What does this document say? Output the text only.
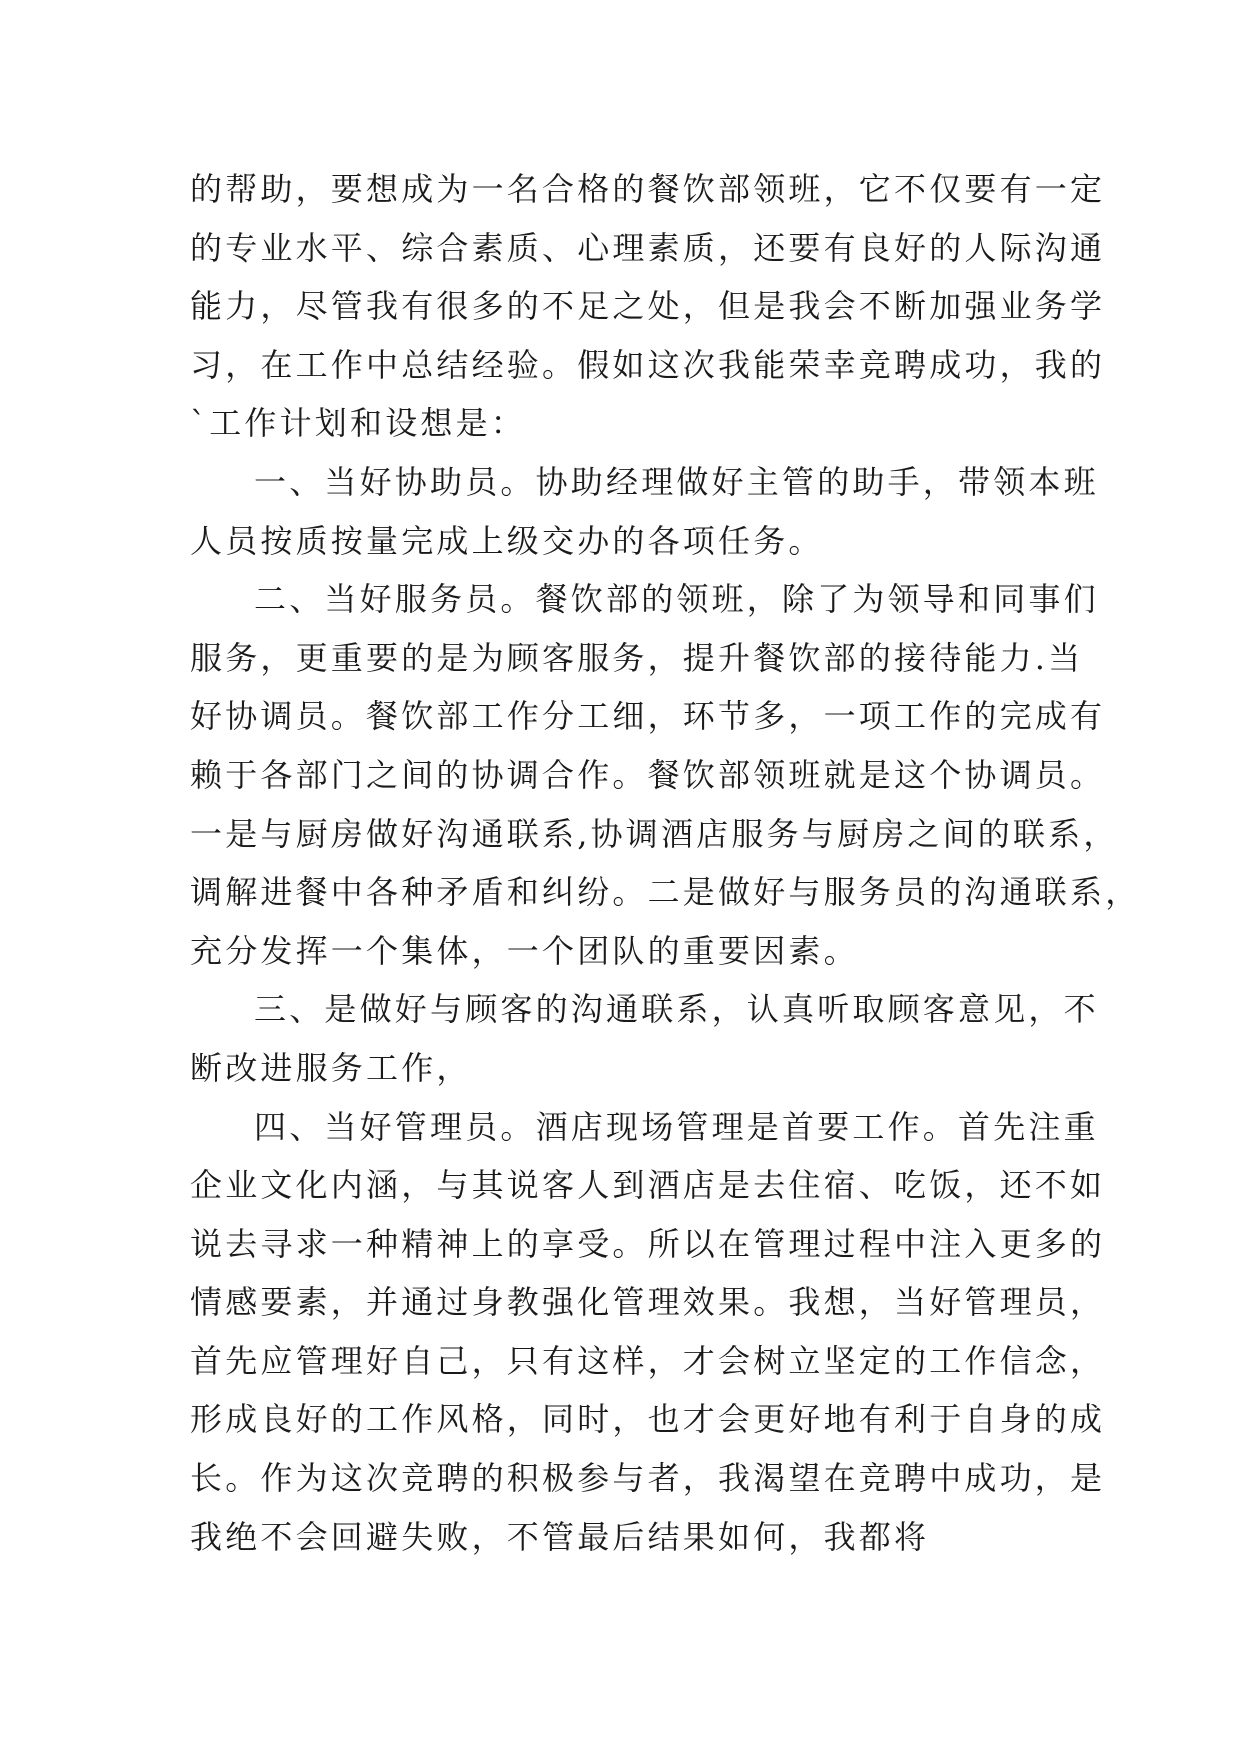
的帮助，要想成为一名合格的餐饮部领班，它不仅要有一定
的专业水平、综合素质、心理素质，还要有良好的人际沟通
能力，尽管我有很多的不足之处，但是我会不断加强业务学
习，在工作中总结经验。假如这次我能荣幸竞聘成功，我的
`工作计划和设想是：
一、当好协助员。协助经理做好主管的助手，带领本班
人员按质按量完成上级交办的各项任务。
二、当好服务员。餐饮部的领班，除了为领导和同事们
服务，更重要的是为顾客服务，提升餐饮部的接待能力.当
好协调员。餐饮部工作分工细，环节多，一项工作的完成有
赖于各部门之间的协调合作。餐饮部领班就是这个协调员。
一是与厨房做好沟通联系,协调酒店服务与厨房之间的联系，
调解进餐中各种矛盾和纠纷。二是做好与服务员的沟通联系，
充分发挥一个集体，一个团队的重要因素。
三、是做好与顾客的沟通联系，认真听取顾客意见，不
断改进服务工作，
四、当好管理员。酒店现场管理是首要工作。首先注重
企业文化内涵，与其说客人到酒店是去住宿、吃饭，还不如
说去寻求一种精神上的享受。所以在管理过程中注入更多的
情感要素，并通过身教强化管理效果。我想，当好管理员，
首先应管理好自己，只有这样，才会树立坚定的工作信念，
形成良好的工作风格，同时，也才会更好地有利于自身的成
长。作为这次竞聘的积极参与者，我渴望在竞聘中成功，是
我绝不会回避失败，不管最后结果如何，我都将
